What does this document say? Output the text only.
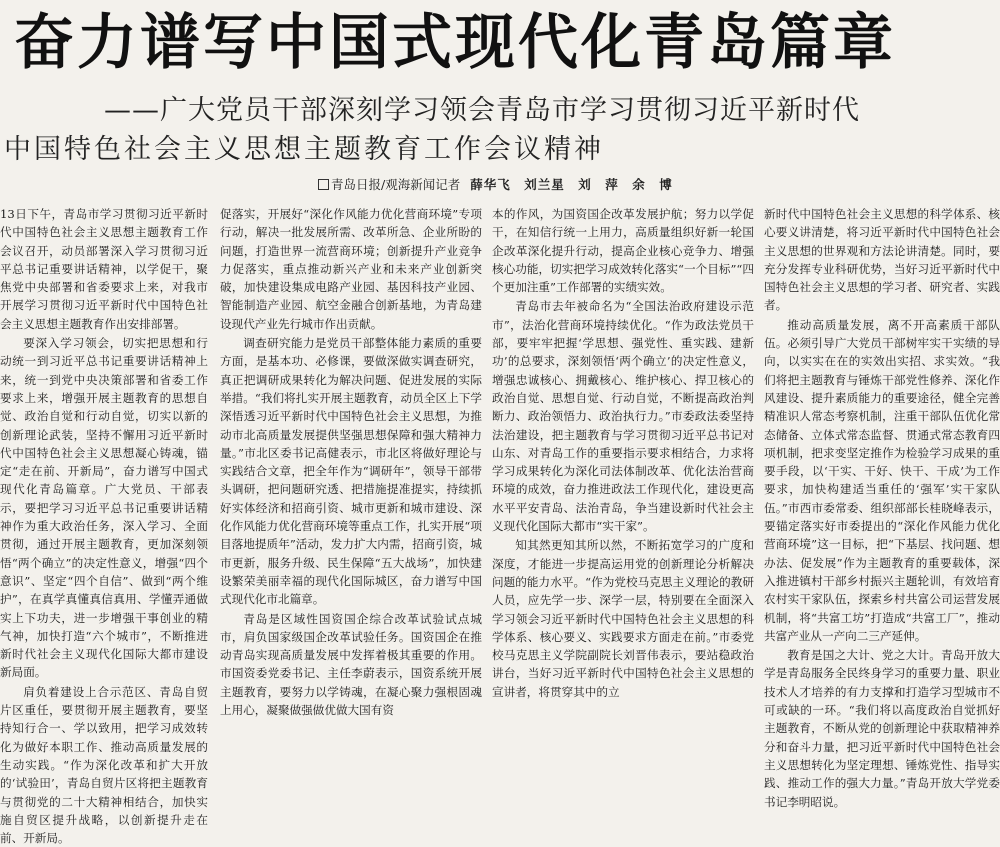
奋力谱写中国式现代化青岛篇章
——广大党员干部深刻学习领会青岛市学习贯彻习近平新时代
中国特色社会主义思想主题教育工作会议精神
青岛日报/观海新闻记者 薛华飞　刘兰星　刘　萍　余　博

13日下午，青岛市学习贯彻习近平新时代中国特色社会主义思想主题教育工作会议召开，动员部署深入学习贯彻习近平总书记重要讲话精神，以学促干，聚焦党中央部署和省委要求上来，对我市开展学习贯彻习近平新时代中国特色社会主义思想主题教育作出安排部署。

要深入学习领会，切实把思想和行动统一到习近平总书记重要讲话精神上来，统一到党中央决策部署和省委工作要求上来，增强开展主题教育的思想自觉、政治自觉和行动自觉，切实以新的创新理论武装，坚持不懈用习近平新时代中国特色社会主义思想凝心铸魂，锚定“走在前、开新局”，奋力谱写中国式现代化青岛篇章。广大党员、干部表示，要把学习习近平总书记重要讲话精神作为重大政治任务，深入学习、全面贯彻，通过开展主题教育，更加深刻领悟“两个确立”的决定性意义，增强“四个意识”、坚定“四个自信”、做到“两个维护”，在真学真懂真信真用、学懂弄通做实上下功夫，进一步增强干事创业的精气神，加快打造“六个城市”，不断推进新时代社会主义现代化国际大都市建设新局面。

肩负着建设上合示范区、青岛自贸片区重任，要贯彻开展主题教育，要坚持知行合一、学以致用，把学习成效转化为做好本职工作、推动高质量发展的生动实践。“作为深化改革和扩大开放的‘试验田’，青岛自贸片区将把主题教育与贯彻党的二十大精神相结合，加快实施自贸区提升战略，以创新提升走在前、开新局。

促落实，开展好“深化作风能力优化营商环境”专项行动，解决一批发展所需、改革所急、企业所盼的问题，打造世界一流营商环境；创新提升产业竞争力促落实，重点推动新兴产业和未来产业创新突破，加快建设集成电路产业园、基因科技产业园、智能制造产业园、航空金融合创新基地，为青岛建设现代产业先行城市作出贡献。

调查研究能力是党员干部整体能力素质的重要方面，是基本功、必修课，要做深做实调查研究，真正把调研成果转化为解决问题、促进发展的实际举措。“我们将扎实开展主题教育，动员全区上下学深悟透习近平新时代中国特色社会主义思想，为推动市北高质量发展提供坚强思想保障和强大精神力量。”市北区委书记高健表示，市北区将做好理论与实践结合文章，把全年作为“调研年”，领导干部带头调研，把问题研究透、把措施提准提实，持续抓好实体经济和招商引资、城市更新和城市建设、深化作风能力优化营商环境等重点工作，扎实开展“项目落地提质年”活动，发力扩大内需，招商引资，城市更新，服务升级、民生保障“五大战场”，加快建设繁荣美丽幸福的现代化国际城区，奋力谱写中国式现代化市北篇章。

青岛是区域性国资国企综合改革试验试点城市，肩负国家级国企改革试验任务。国资国企在推动青岛实现高质量发展中发挥着极其重要的作用。市国资委党委书记、主任李蔚表示，国资系统开展主题教育，要努力以学铸魂，在凝心聚力强根固魂上用心，凝聚做强做优做大国有资

本的作风，为国资国企改革发展护航；努力以学促干，在知信行统一上用力，高质量组织好新一轮国企改革深化提升行动，提高企业核心竞争力、增强核心功能，切实把学习成效转化落实“一个目标”“四个更加注重”工作部署的实绩实效。

青岛市去年被命名为“全国法治政府建设示范市”，法治化营商环境持续优化。“作为政法党员干部，要牢牢把握‘学思想、强党性、重实践、建新功’的总要求，深刻领悟‘两个确立’的决定性意义，增强忠诚核心、拥戴核心、维护核心、捍卫核心的政治自觉、思想自觉、行动自觉，不断提高政治判断力、政治领悟力、政治执行力。”市委政法委坚持法治建设，把主题教育与学习贯彻习近平总书记对山东、对青岛工作的重要指示要求相结合，力求将学习成果转化为深化司法体制改革、优化法治营商环境的成效，奋力推进政法工作现代化，建设更高水平平安青岛、法治青岛，争当建设新时代社会主义现代化国际大都市“实干家”。

知其然更知其所以然，不断拓宽学习的广度和深度，才能进一步提高运用党的创新理论分析解决问题的能力水平。“作为党校马克思主义理论的教研人员，应先学一步、深学一层，特别要在全面深入学习领会习近平新时代中国特色社会主义思想的科学体系、核心要义、实践要求方面走在前。”市委党校马克思主义学院副院长刘晋伟表示，要站稳政治讲台，当好习近平新时代中国特色社会主义思想的宣讲者，将贯穿其中的立

新时代中国特色社会主义思想的科学体系、核心要义讲清楚，将习近平新时代中国特色社会主义思想的世界观和方法论讲清楚。同时，要充分发挥专业科研优势，当好习近平新时代中国特色社会主义思想的学习者、研究者、实践者。

推动高质量发展，离不开高素质干部队伍。必须引导广大党员干部树牢实干实绩的导向，以实实在在的实效出实招、求实效。“我们将把主题教育与锤炼干部党性修养、深化作风建设、提升素质能力的重要途径，健全完善精准识人常态考察机制，注重干部队伍优化常态储备、立体式常态监督、贯通式常态教育四项机制，把求变坚定推作为检验学习成果的重要手段，以‘干实、干好、快干、干成’为工作要求，加快构建适当重任的‘强军’实干家队伍。”市西市委常委、组织部部长桂晓峰表示，要锚定落实好市委提出的“深化作风能力优化营商环境”这一目标，把“下基层、找问题、想办法、促发展”作为主题教育的重要载体，深入推进镇村干部乡村振兴主题轮训，有效培育农村实干家队伍，探索乡村共富公司运营发展机制，将“共富工坊”打造成“共富工厂”，推动共富产业从一产向二三产延伸。

教育是国之大计、党之大计。青岛开放大学是青岛服务全民终身学习的重要力量、职业技术人才培养的有力支撑和打造学习型城市不可或缺的一环。“我们将以高度政治自觉抓好主题教育，不断从党的创新理论中获取精神养分和奋斗力量，把习近平新时代中国特色社会主义思想转化为坚定理想、锤炼党性、指导实践、推动工作的强大力量。”青岛开放大学党委书记李明昭说。
